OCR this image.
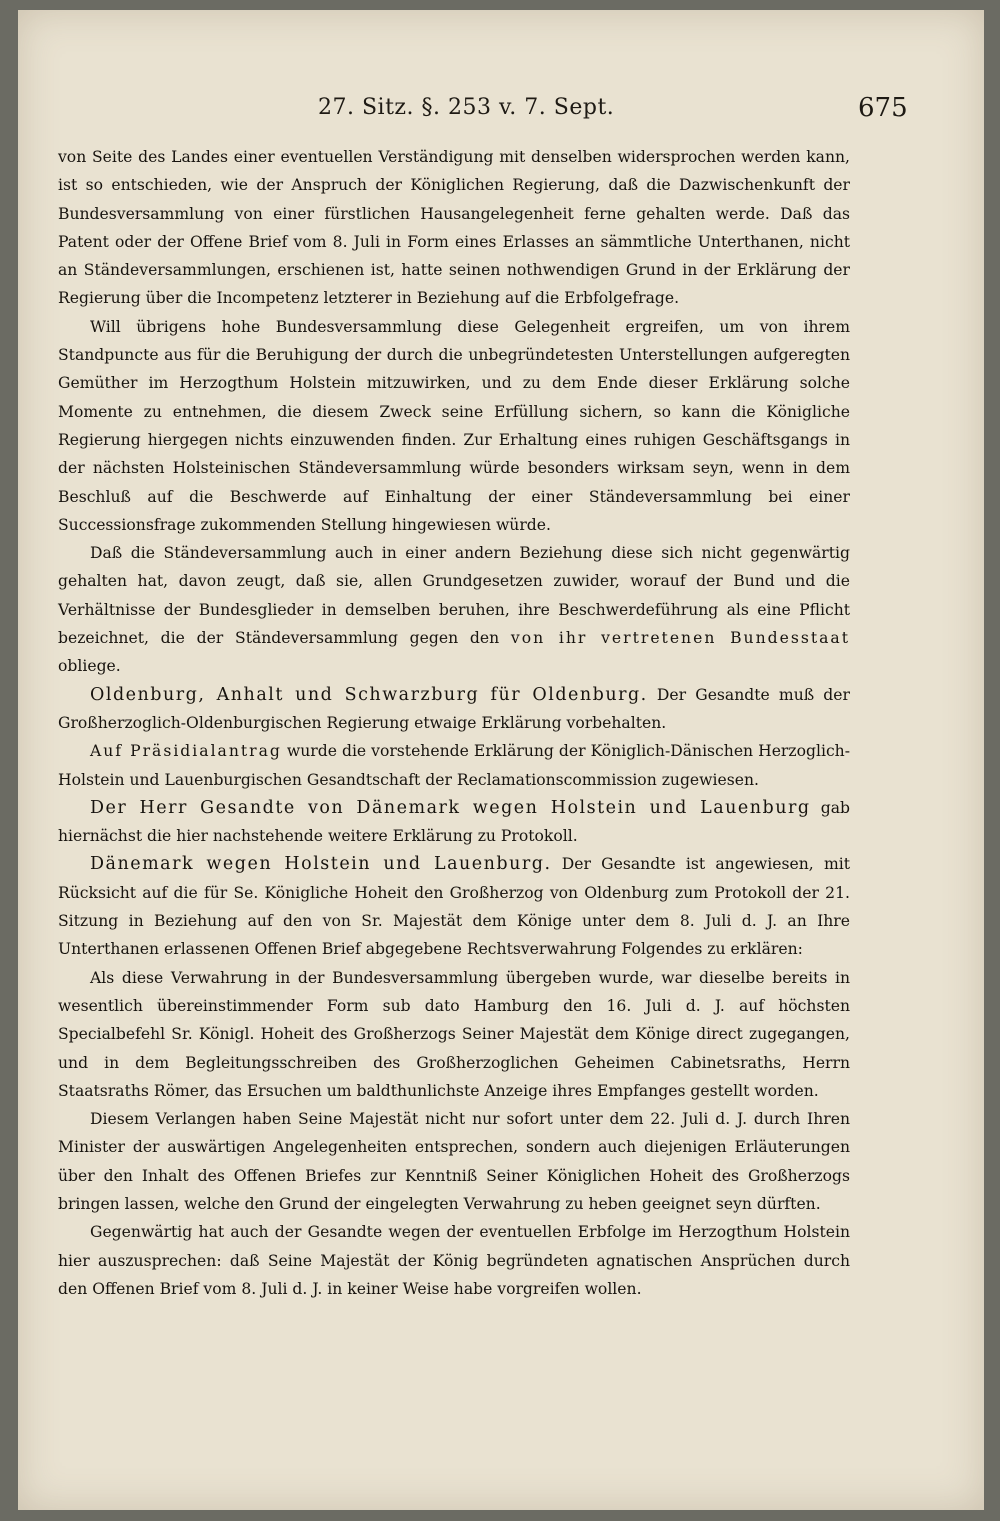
27. Sitz. §. 253 v. 7. Sept.	675

von Seite des Landes einer eventuellen Verständigung mit denselben widersprochen werden kann, ist so entschieden, wie der Anspruch der Königlichen Regierung, daß die Dazwischenkunft der Bundesversammlung von einer fürstlichen Hausangelegenheit ferne gehalten werde. Daß das Patent oder der Offene Brief vom 8. Juli in Form eines Erlasses an sämmtliche Unterthanen, nicht an Ständeversammlungen, erschienen ist, hatte seinen nothwendigen Grund in der Erklärung der Regierung über die Incompetenz letzterer in Beziehung auf die Erbfolgefrage.

Will übrigens hohe Bundesversammlung diese Gelegenheit ergreifen, um von ihrem Standpuncte aus für die Beruhigung der durch die unbegründetesten Unterstellungen aufgeregten Gemüther im Herzogthum Holstein mitzuwirken, und zu dem Ende dieser Erklärung solche Momente zu entnehmen, die diesem Zweck seine Erfüllung sichern, so kann die Königliche Regierung hiergegen nichts einzuwenden finden. Zur Erhaltung eines ruhigen Geschäftsgangs in der nächsten Holsteinischen Ständeversammlung würde besonders wirksam seyn, wenn in dem Beschluß auf die Beschwerde auf Einhaltung der einer Ständeversammlung bei einer Successionsfrage zukommenden Stellung hingewiesen würde.

Daß die Ständeversammlung auch in einer andern Beziehung diese sich nicht gegenwärtig gehalten hat, davon zeugt, daß sie, allen Grundgesetzen zuwider, worauf der Bund und die Verhältnisse der Bundesglieder in demselben beruhen, ihre Beschwerdeführung als eine Pflicht bezeichnet, die der Ständeversammlung gegen den von ihr vertretenen Bundesstaat obliege.

Oldenburg, Anhalt und Schwarzburg für Oldenburg. Der Gesandte muß der Großherzoglich-Oldenburgischen Regierung etwaige Erklärung vorbehalten.

Auf Präsidialantrag wurde die vorstehende Erklärung der Königlich-Dänischen Herzoglich-Holstein und Lauenburgischen Gesandtschaft der Reclamationscommission zugewiesen.

Der Herr Gesandte von Dänemark wegen Holstein und Lauenburg gab hiernächst die hier nachstehende weitere Erklärung zu Protokoll.

Dänemark wegen Holstein und Lauenburg. Der Gesandte ist angewiesen, mit Rücksicht auf die für Se. Königliche Hoheit den Großherzog von Oldenburg zum Protokoll der 21. Sitzung in Beziehung auf den von Sr. Majestät dem Könige unter dem 8. Juli d. J. an Ihre Unterthanen erlassenen Offenen Brief abgegebene Rechtsverwahrung Folgendes zu erklären:

Als diese Verwahrung in der Bundesversammlung übergeben wurde, war dieselbe bereits in wesentlich übereinstimmender Form sub dato Hamburg den 16. Juli d. J. auf höchsten Specialbefehl Sr. Königl. Hoheit des Großherzogs Seiner Majestät dem Könige direct zugegangen, und in dem Begleitungsschreiben des Großherzoglichen Geheimen Cabinetsraths, Herrn Staatsraths Römer, das Ersuchen um baldthunlichste Anzeige ihres Empfanges gestellt worden.

Diesem Verlangen haben Seine Majestät nicht nur sofort unter dem 22. Juli d. J. durch Ihren Minister der auswärtigen Angelegenheiten entsprechen, sondern auch diejenigen Erläuterungen über den Inhalt des Offenen Briefes zur Kenntniß Seiner Königlichen Hoheit des Großherzogs bringen lassen, welche den Grund der eingelegten Verwahrung zu heben geeignet seyn dürften.

Gegenwärtig hat auch der Gesandte wegen der eventuellen Erbfolge im Herzogthum Holstein hier auszusprechen: daß Seine Majestät der König begründeten agnatischen Ansprüchen durch den Offenen Brief vom 8. Juli d. J. in keiner Weise habe vorgreifen wollen.
